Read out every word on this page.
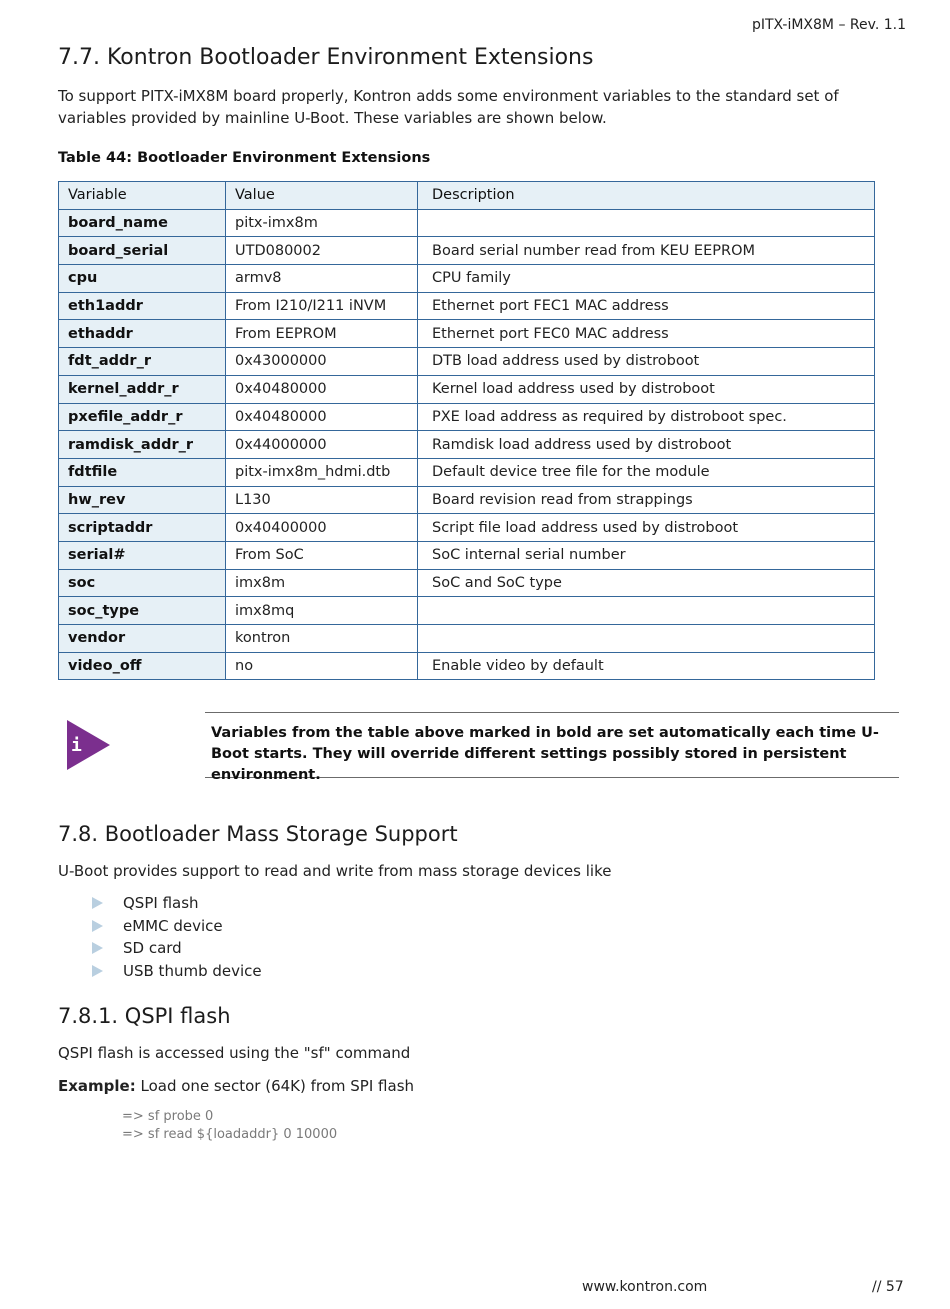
pITX-iMX8M – Rev. 1.1
7.7. Kontron Bootloader Environment Extensions
To support PITX-iMX8M board properly, Kontron adds some environment variables to the standard set of variables provided by mainline U-Boot. These variables are shown below.
Table 44: Bootloader Environment Extensions
Variable	Value	Description
board_name	pitx-imx8m	
board_serial	UTD080002	Board serial number read from KEU EEPROM
cpu	armv8	CPU family
eth1addr	From I210/I211 iNVM	Ethernet port FEC1 MAC address
ethaddr	From EEPROM	Ethernet port FEC0 MAC address
fdt_addr_r	0x43000000	DTB load address used by distroboot
kernel_addr_r	0x40480000	Kernel load address used by distroboot
pxefile_addr_r	0x40480000	PXE load address as required by distroboot spec.
ramdisk_addr_r	0x44000000	Ramdisk load address used by distroboot
fdtfile	pitx-imx8m_hdmi.dtb	Default device tree file for the module
hw_rev	L130	Board revision read from strappings
scriptaddr	0x40400000	Script file load address used by distroboot
serial#	From SoC	SoC internal serial number
soc	imx8m	SoC and SoC type
soc_type	imx8mq	
vendor	kontron	
video_off	no	Enable video by default
i
Variables from the table above marked in bold are set automatically each time U-Boot starts. They will override different settings possibly stored in persistent environment.
7.8. Bootloader Mass Storage Support
U-Boot provides support to read and write from mass storage devices like
QSPI flash
eMMC device
SD card
USB thumb device
7.8.1. QSPI flash
QSPI flash is accessed using the "sf" command
Example: Load one sector (64K) from SPI flash
=> sf probe 0
=> sf read ${loadaddr} 0 10000
www.kontron.com	// 57
